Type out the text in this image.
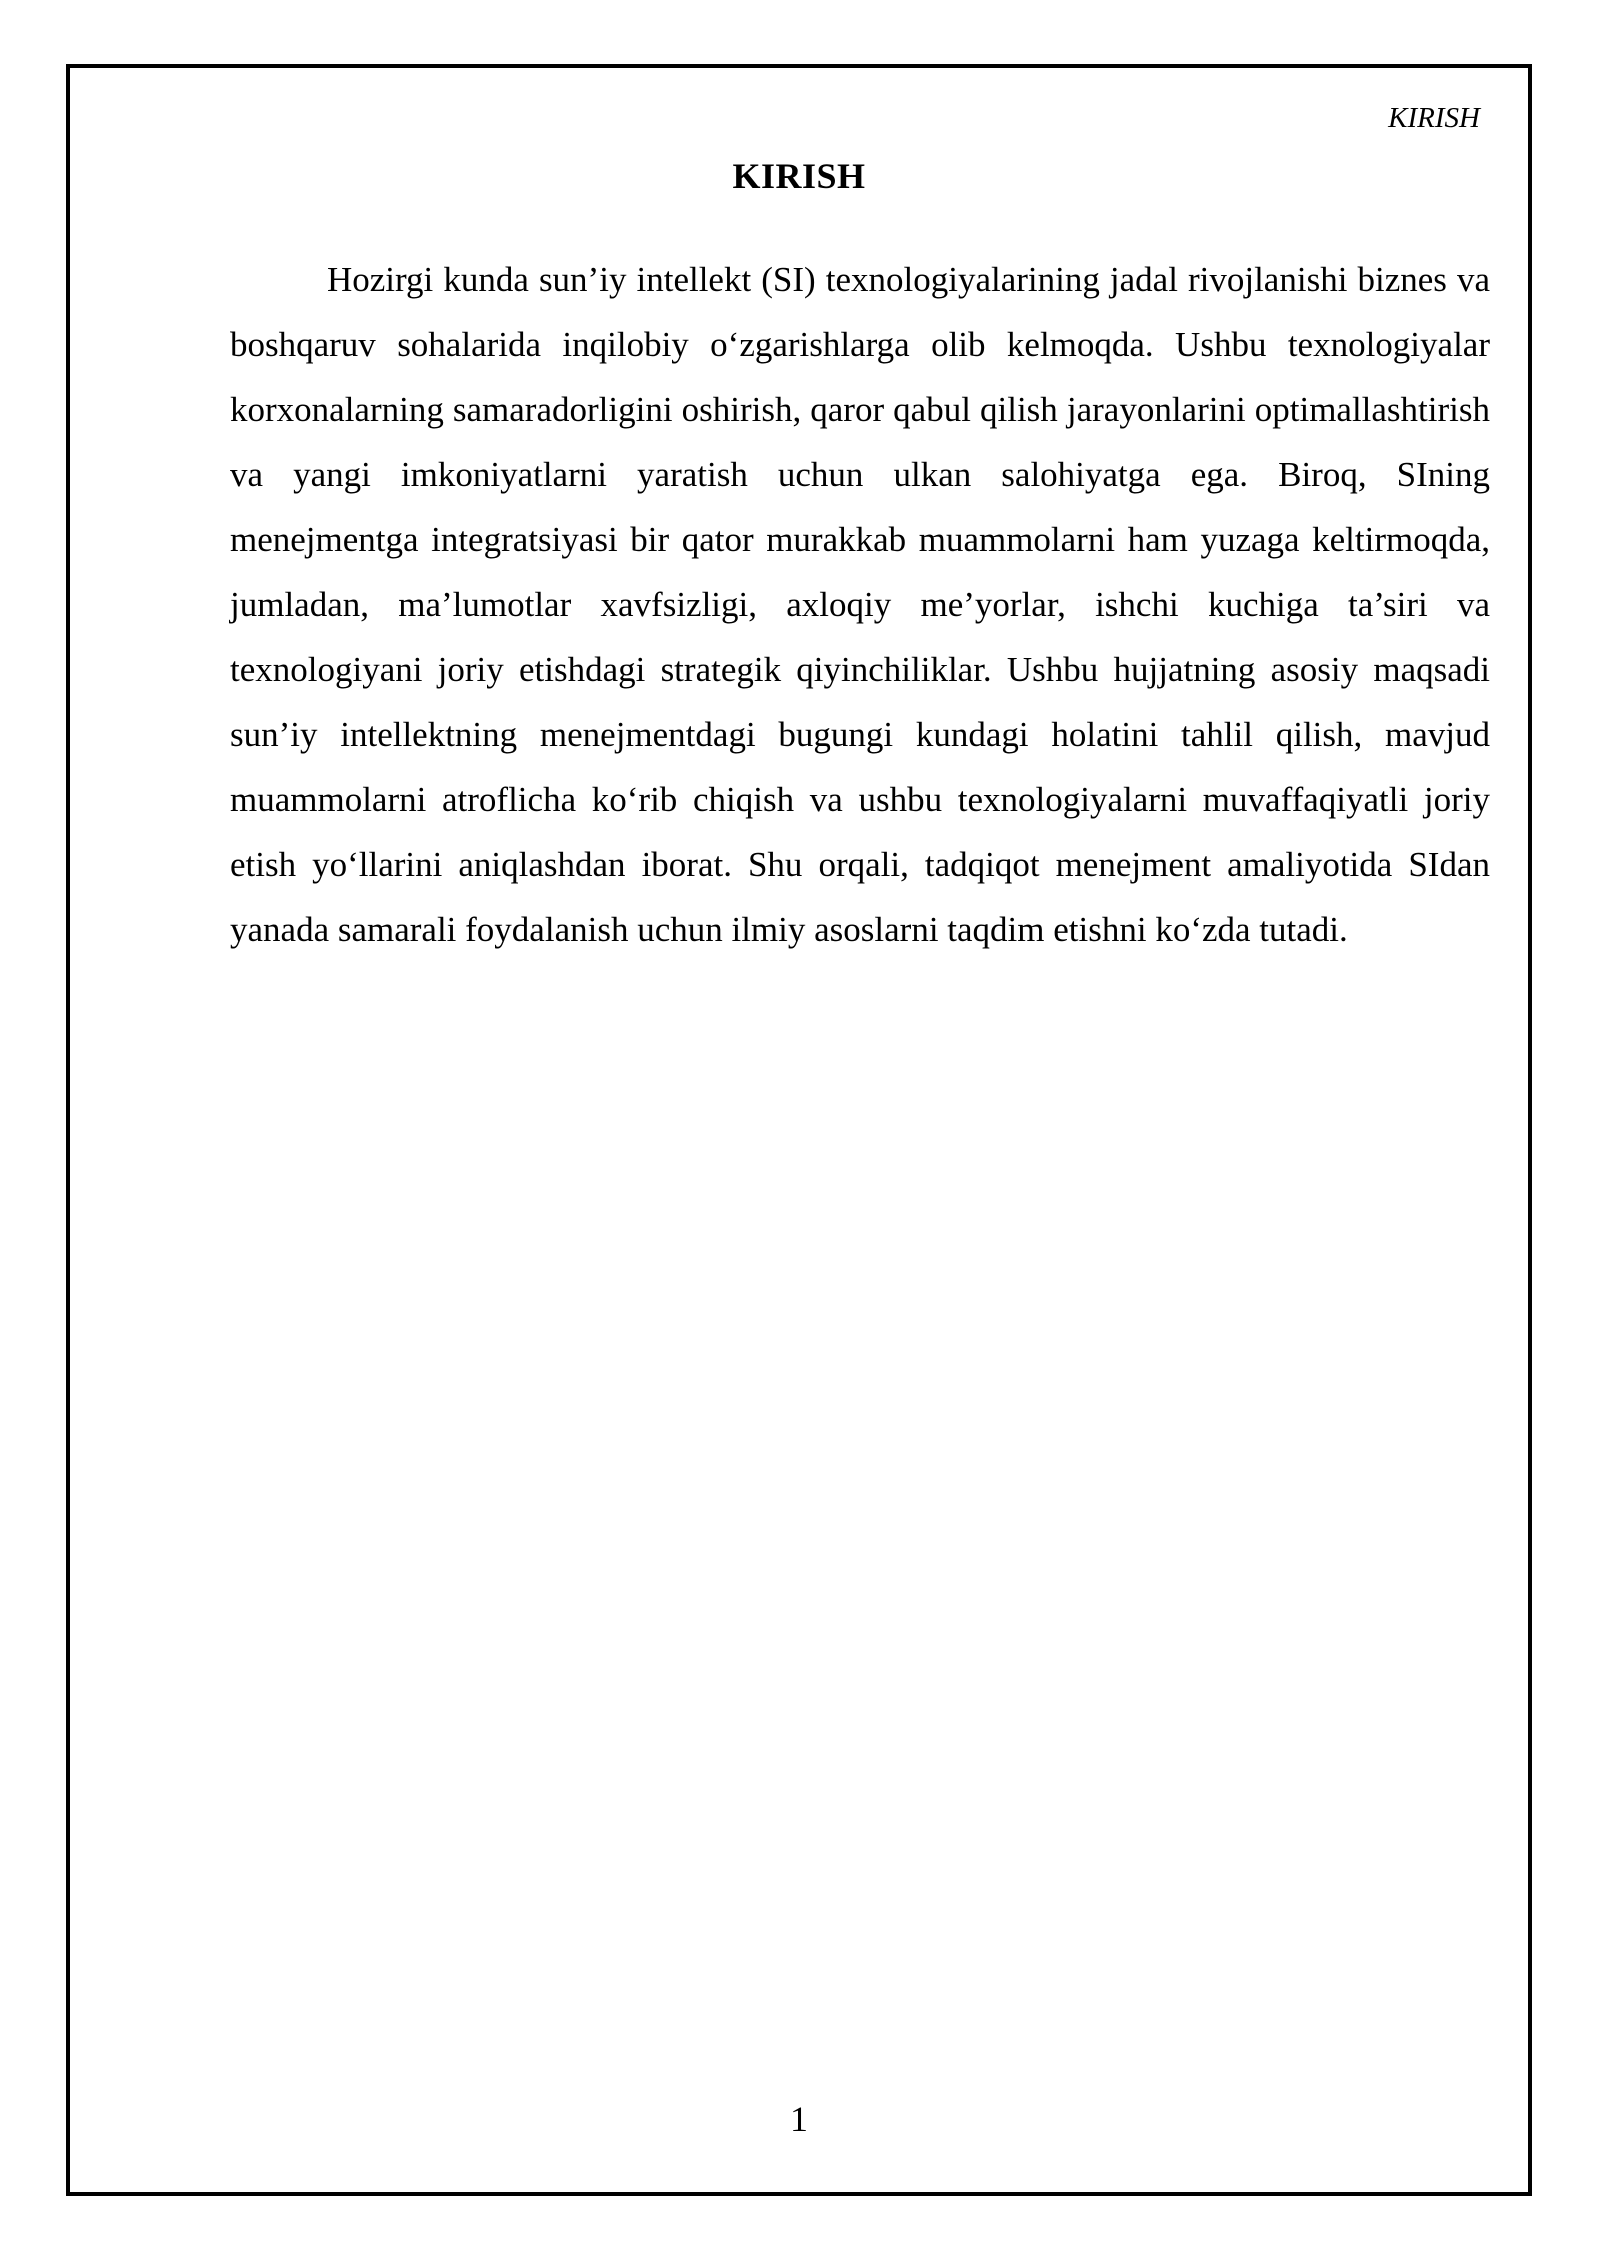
KIRISH
KIRISH

Hozirgi kunda sun’iy intellekt (SI) texnologiyalarining jadal rivojlanishi biznes va boshqaruv sohalarida inqilobiy o‘zgarishlarga olib kelmoqda. Ushbu texnologiyalar korxonalarning samaradorligini oshirish, qaror qabul qilish jarayonlarini optimallashtirish va yangi imkoniyatlarni yaratish uchun ulkan salohiyatga ega. Biroq, SIning menejmentga integratsiyasi bir qator murakkab muammolarni ham yuzaga keltirmoqda, jumladan, ma’lumotlar xavfsizligi, axloqiy me’yorlar, ishchi kuchiga ta’siri va texnologiyani joriy etishdagi strategik qiyinchiliklar. Ushbu hujjatning asosiy maqsadi sun’iy intellektning menejmentdagi bugungi kundagi holatini tahlil qilish, mavjud muammolarni atroflicha ko‘rib chiqish va ushbu texnologiyalarni muvaffaqiyatli joriy etish yo‘llarini aniqlashdan iborat. Shu orqali, tadqiqot menejment amaliyotida SIdan yanada samarali foydalanish uchun ilmiy asoslarni taqdim etishni ko‘zda tutadi.

1
